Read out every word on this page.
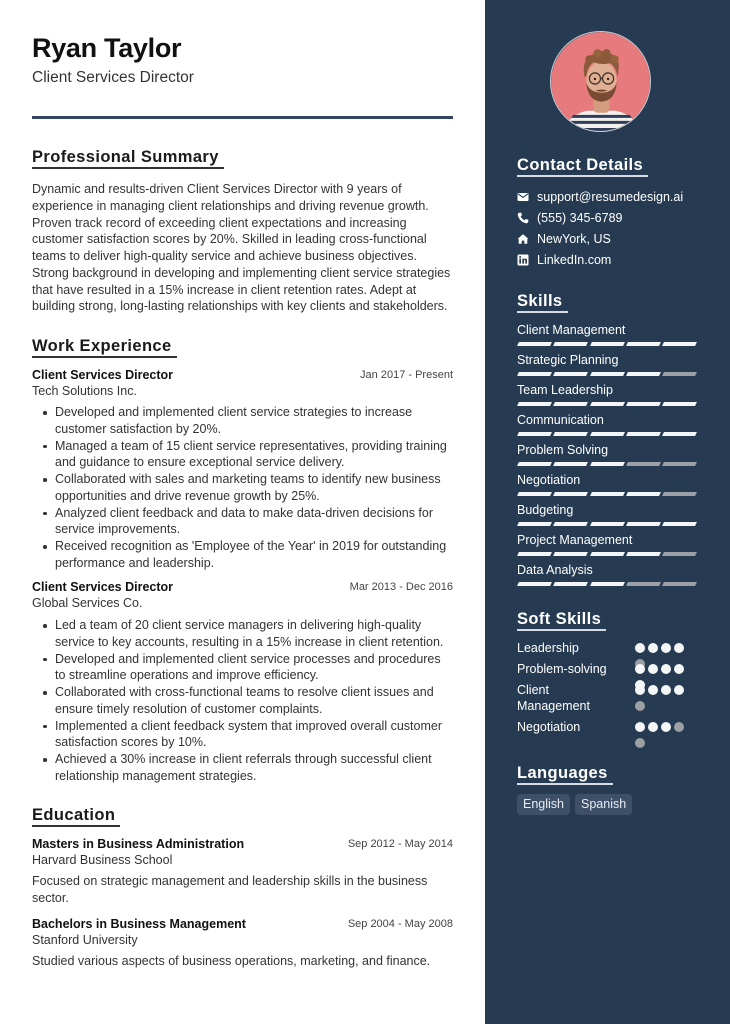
Ryan Taylor
Client Services Director
Professional Summary

Dynamic and results-driven Client Services Director with 9 years of experience in managing client relationships and driving revenue growth. Proven track record of exceeding client expectations and increasing customer satisfaction scores by 20%. Skilled in leading cross-functional teams to deliver high-quality service and achieve business objectives. Strong background in developing and implementing client service strategies that have resulted in a 15% increase in client retention rates. Adept at building strong, long-lasting relationships with key clients and stakeholders.

Work Experience
Client Services Director	Jan 2017 - Present
Tech Solutions Inc.
Developed and implemented client service strategies to increase customer satisfaction by 20%.
Managed a team of 15 client service representatives, providing training and guidance to ensure exceptional service delivery.
Collaborated with sales and marketing teams to identify new business opportunities and drive revenue growth by 25%.
Analyzed client feedback and data to make data-driven decisions for service improvements.
Received recognition as 'Employee of the Year' in 2019 for outstanding performance and leadership.
Client Services Director	Mar 2013 - Dec 2016
Global Services Co.
Led a team of 20 client service managers in delivering high-quality service to key accounts, resulting in a 15% increase in client retention.
Developed and implemented client service processes and procedures to streamline operations and improve efficiency.
Collaborated with cross-functional teams to resolve client issues and ensure timely resolution of customer complaints.
Implemented a client feedback system that improved overall customer satisfaction scores by 10%.
Achieved a 30% increase in client referrals through successful client relationship management strategies.
Education
Masters in Business Administration	Sep 2012 - May 2014
Harvard Business School

Focused on strategic management and leadership skills in the business sector.

Bachelors in Business Management	Sep 2004 - May 2008
Stanford University

Studied various aspects of business operations, marketing, and finance.

Contact Details
support@resumedesign.ai
(555) 345-6789
NewYork, US
LinkedIn.com
Skills
Client Management
Strategic Planning
Team Leadership
Communication
Problem Solving
Negotiation
Budgeting
Project Management
Data Analysis
Soft Skills
Leadership
Problem-solving
Client Management
Negotiation
Languages
English	Spanish
